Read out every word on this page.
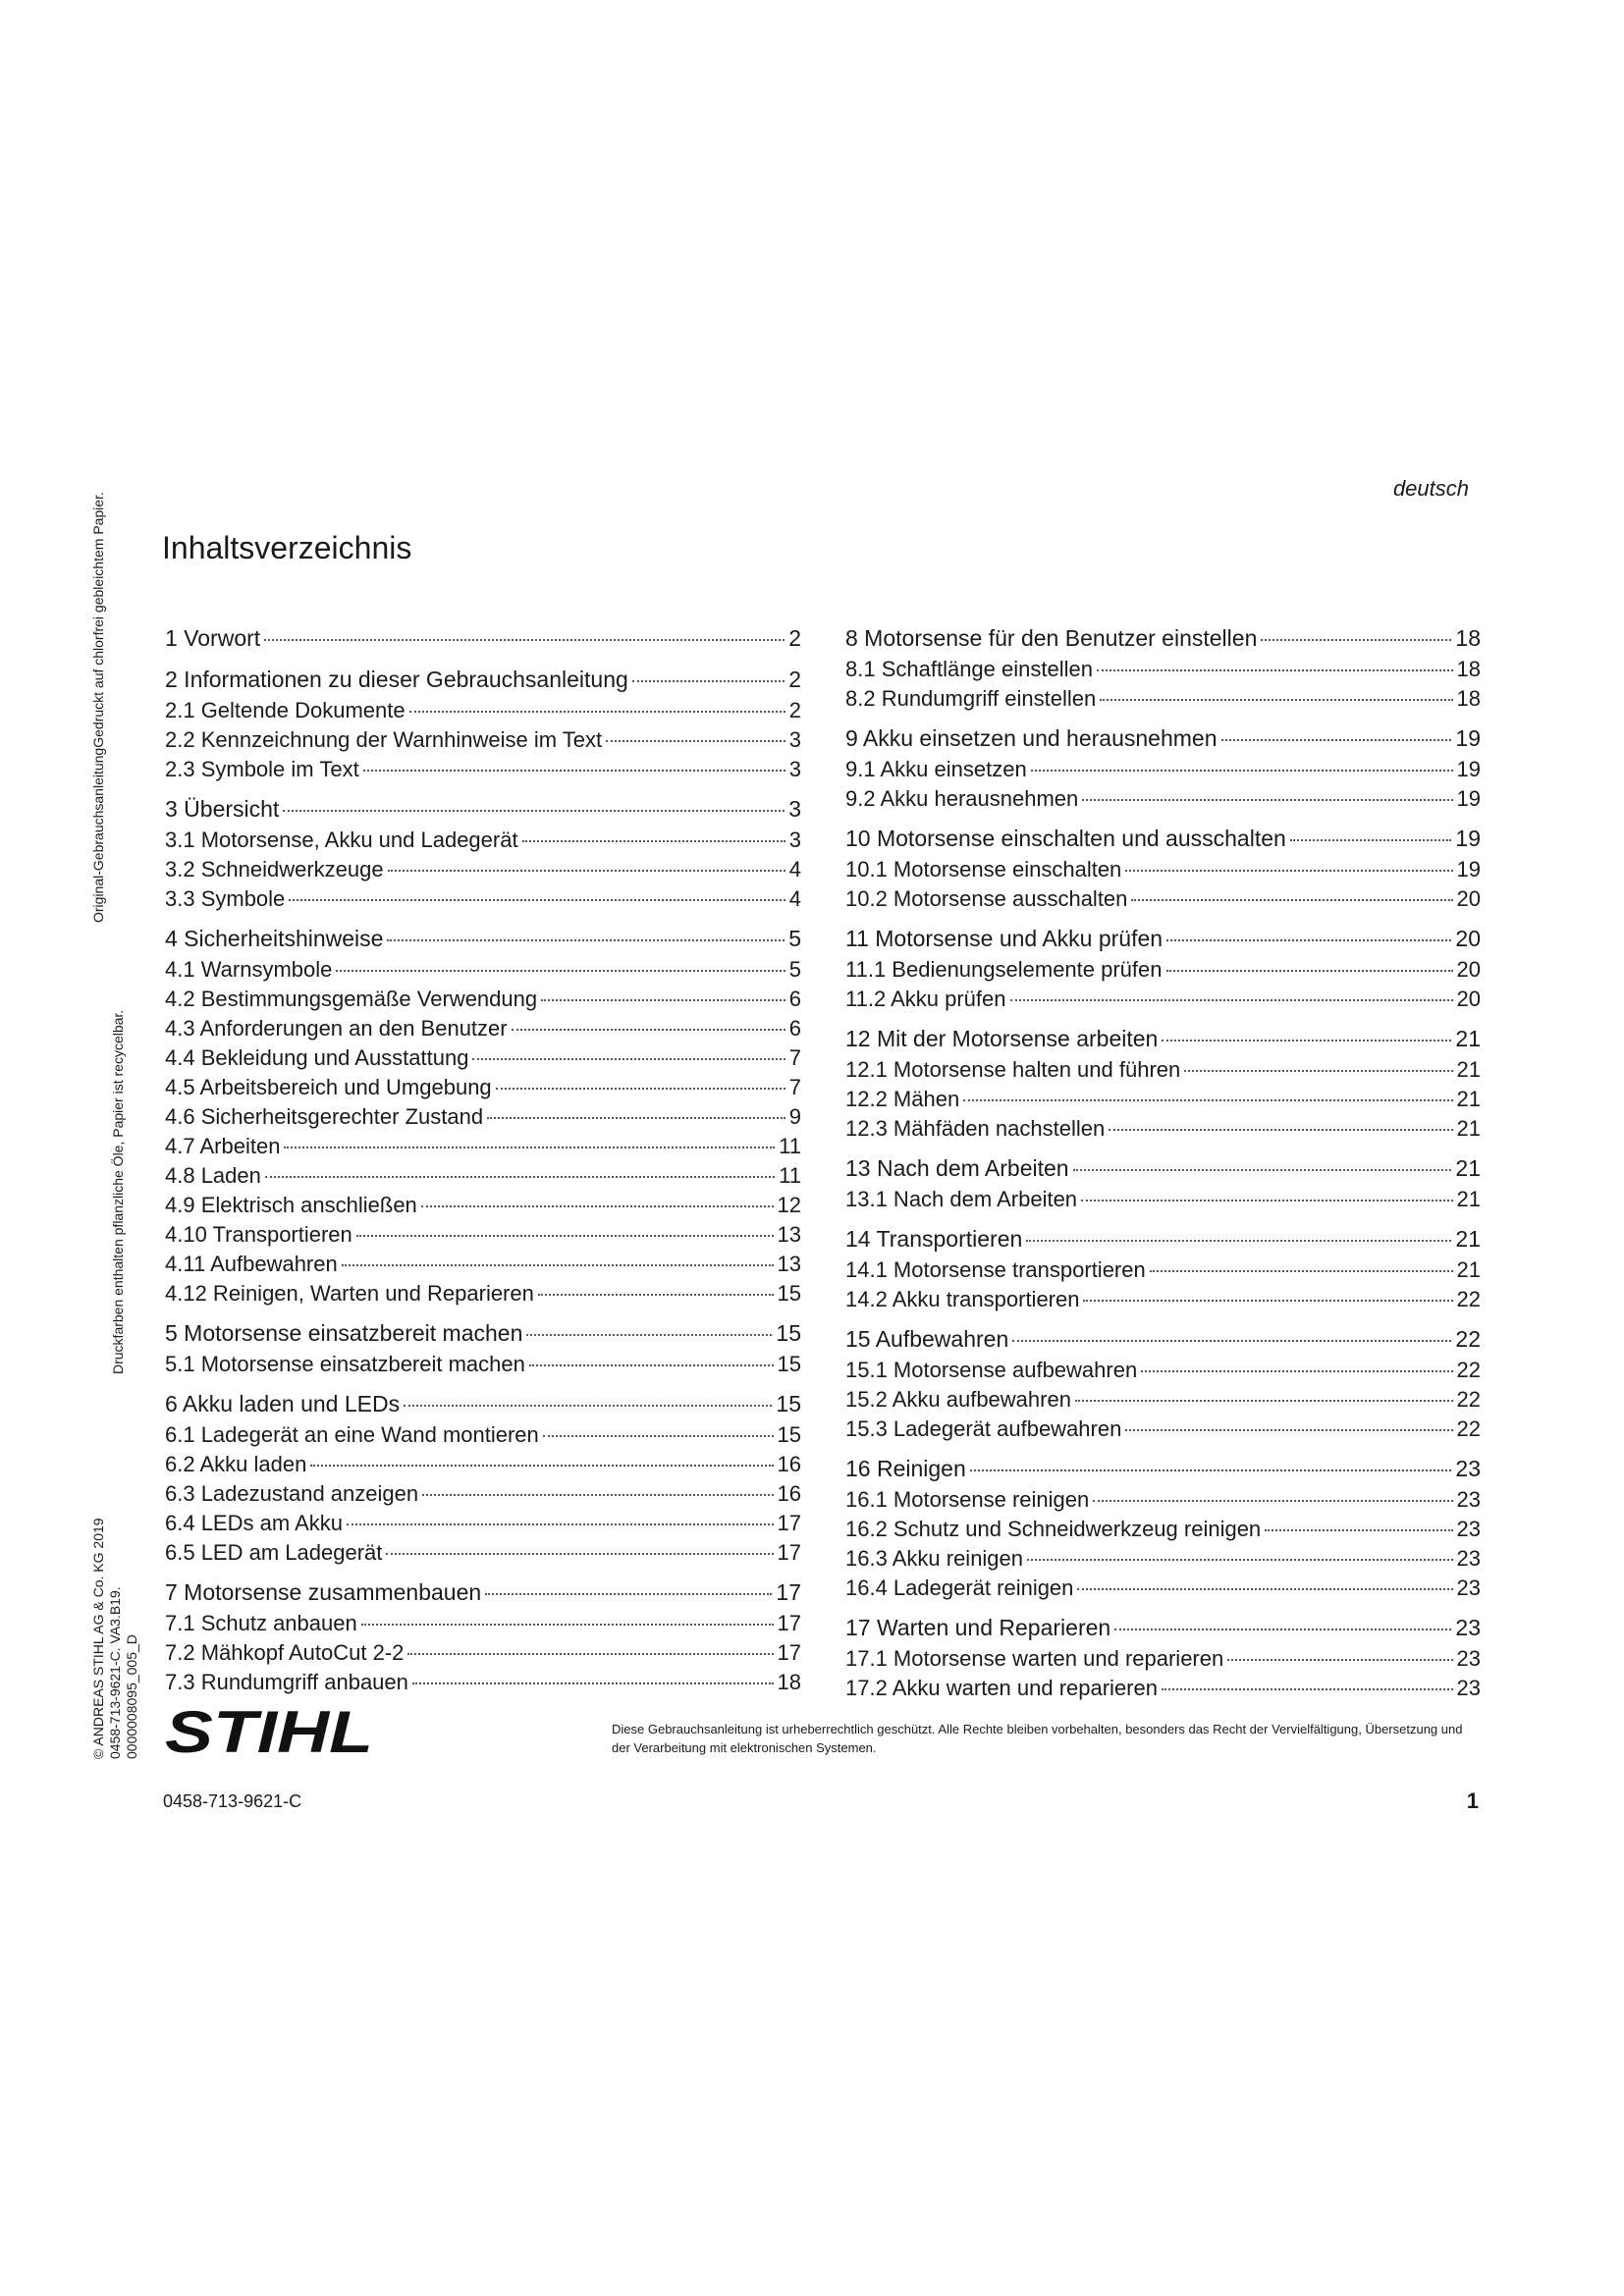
Original-GebrauchsanleitungGedruckt auf chlorfrei gebleichtem Papier.
Druckfarben enthalten pflanzliche Öle, Papier ist recycelbar.
© ANDREAS STIHL AG & Co. KG 2019 0458-713-9621-C. VA3.B19. 0000008095_005_D
deutsch
Inhaltsverzeichnis
1 Vorwort	2
2 Informationen zu dieser Gebrauchsanleitung	2
2.1 Geltende Dokumente	2
2.2 Kennzeichnung der Warnhinweise im Text	3
2.3 Symbole im Text	3
3 Übersicht	3
3.1 Motorsense, Akku und Ladegerät	3
3.2 Schneidwerkzeuge	4
3.3 Symbole	4
4 Sicherheitshinweise	5
4.1 Warnsymbole	5
4.2 Bestimmungsgemäße Verwendung	6
4.3 Anforderungen an den Benutzer	6
4.4 Bekleidung und Ausstattung	7
4.5 Arbeitsbereich und Umgebung	7
4.6 Sicherheitsgerechter Zustand	9
4.7 Arbeiten	11
4.8 Laden	11
4.9 Elektrisch anschließen	12
4.10 Transportieren	13
4.11 Aufbewahren	13
4.12 Reinigen, Warten und Reparieren	15
5 Motorsense einsatzbereit machen	15
5.1 Motorsense einsatzbereit machen	15
6 Akku laden und LEDs	15
6.1 Ladegerät an eine Wand montieren	15
6.2 Akku laden	16
6.3 Ladezustand anzeigen	16
6.4 LEDs am Akku	17
6.5 LED am Ladegerät	17
7 Motorsense zusammenbauen	17
7.1 Schutz anbauen	17
7.2 Mähkopf AutoCut 2-2	17
7.3 Rundumgriff anbauen	18
8 Motorsense für den Benutzer einstellen	18
8.1 Schaftlänge einstellen	18
8.2 Rundumgriff einstellen	18
9 Akku einsetzen und herausnehmen	19
9.1 Akku einsetzen	19
9.2 Akku herausnehmen	19
10 Motorsense einschalten und ausschalten	19
10.1 Motorsense einschalten	19
10.2 Motorsense ausschalten	20
11 Motorsense und Akku prüfen	20
11.1 Bedienungselemente prüfen	20
11.2 Akku prüfen	20
12 Mit der Motorsense arbeiten	21
12.1 Motorsense halten und führen	21
12.2 Mähen	21
12.3 Mähfäden nachstellen	21
13 Nach dem Arbeiten	21
13.1 Nach dem Arbeiten	21
14 Transportieren	21
14.1 Motorsense transportieren	21
14.2 Akku transportieren	22
15 Aufbewahren	22
15.1 Motorsense aufbewahren	22
15.2 Akku aufbewahren	22
15.3 Ladegerät aufbewahren	22
16 Reinigen	23
16.1 Motorsense reinigen	23
16.2 Schutz und Schneidwerkzeug reinigen	23
16.3 Akku reinigen	23
16.4 Ladegerät reinigen	23
17 Warten und Reparieren	23
17.1 Motorsense warten und reparieren	23
17.2 Akku warten und reparieren	23
STIHL	Diese Gebrauchsanleitung ist urheberrechtlich geschützt. Alle Rechte bleiben vorbehalten, besonders das Recht der Vervielfältigung, Übersetzung und der Verarbeitung mit elektronischen Systemen.
0458-713-9621-C	1
